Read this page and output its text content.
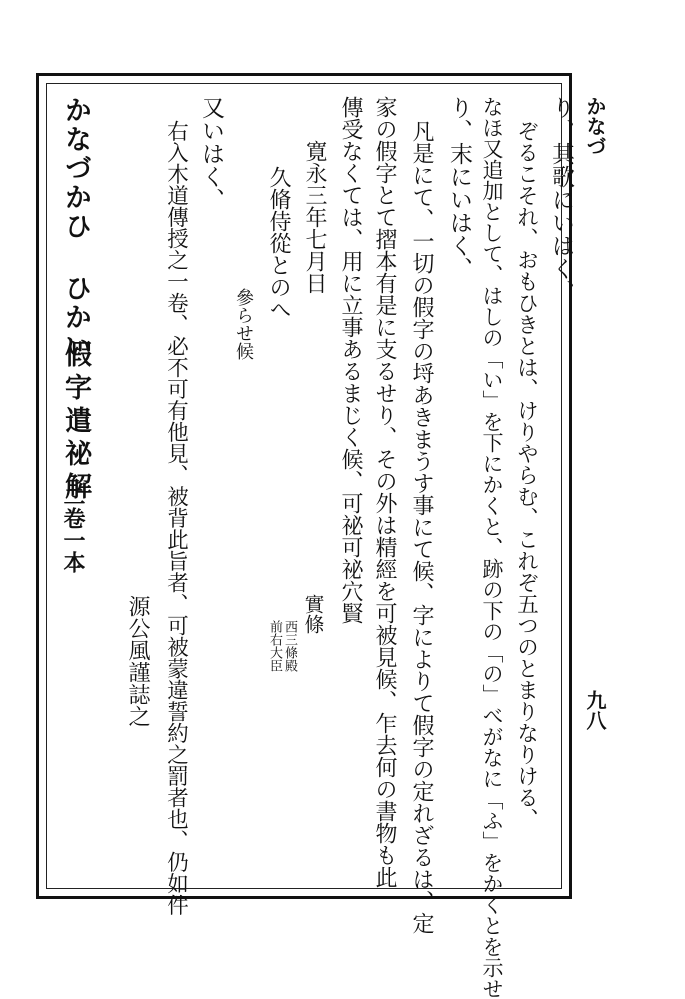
かなづ
九八
り、其歌にいはく、
ぞるこそれ、おもひきとは、けりやらむ、これぞ五つのとまりなりける、
なほ又追加として、はしの「い」を下にかくと、跡の下の「の」べがなに「ふ」をかくとを示せ
り、末にいはく、
凡是にて、一切の假字の埒あきまうす事にて候、字によりて假字の定れざるは、定
家の假字とて摺本有是に支るせり、その外は精經を可被見候、乍去何の書物も此
傳受なくては、用に立事あるまじく候、可祕可祕穴賢
寛永三年七月日
實條
久脩侍從とのへ
前右大臣 西三條殿
參らせ候
又いはく、
右入木道傳授之一卷、必不可有他見、被背此旨者、可被蒙違誓約之罰者也、仍如件
源公風謹誌之
かなづかひ ひかい
假字遣祕解
二卷一本
